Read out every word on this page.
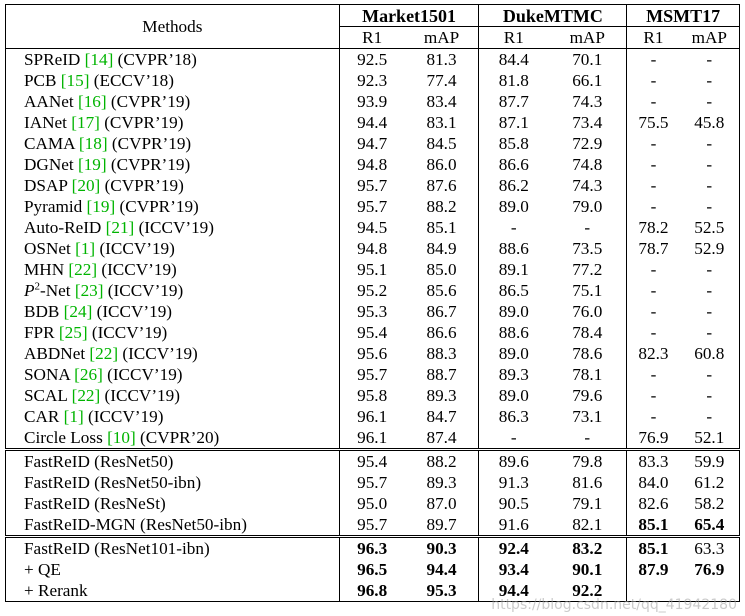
Methods	Market1501		DukeMTMC		MSMT17	
	R1	mAP	R1	mAP	R1	mAP
SPReID [14] (CVPR’18)	92.5	81.3	84.4	70.1	-	-
PCB [15] (ECCV’18)	92.3	77.4	81.8	66.1	-	-
AANet [16] (CVPR’19)	93.9	83.4	87.7	74.3	-	-
IANet [17] (CVPR’19)	94.4	83.1	87.1	73.4	75.5	45.8
CAMA [18] (CVPR’19)	94.7	84.5	85.8	72.9	-	-
DGNet [19] (CVPR’19)	94.8	86.0	86.6	74.8	-	-
DSAP [20] (CVPR’19)	95.7	87.6	86.2	74.3	-	-
Pyramid [19] (CVPR’19)	95.7	88.2	89.0	79.0	-	-
Auto-ReID [21] (ICCV’19)	94.5	85.1	-	-	78.2	52.5
OSNet [1] (ICCV’19)	94.8	84.9	88.6	73.5	78.7	52.9
MHN [22] (ICCV’19)	95.1	85.0	89.1	77.2	-	-
$P^2$-Net [23] (ICCV’19)	95.2	85.6	86.5	75.1	-	-
BDB [24] (ICCV’19)	95.3	86.7	89.0	76.0	-	-
FPR [25] (ICCV’19)	95.4	86.6	88.6	78.4	-	-
ABDNet [22] (ICCV’19)	95.6	88.3	89.0	78.6	82.3	60.8
SONA [26] (ICCV’19)	95.7	88.7	89.3	78.1	-	-
SCAL [22] (ICCV’19)	95.8	89.3	89.0	79.6	-	-
CAR [1] (ICCV’19)	96.1	84.7	86.3	73.1	-	-
Circle Loss [10] (CVPR’20)	96.1	87.4	-	-	76.9	52.1
FastReID (ResNet50)	95.4	88.2	89.6	79.8	83.3	59.9
FastReID (ResNet50-ibn)	95.7	89.3	91.3	81.6	84.0	61.2
FastReID (ResNeSt)	95.0	87.0	90.5	79.1	82.6	58.2
FastReID-MGN (ResNet50-ibn)	95.7	89.7	91.6	82.1	85.1	65.4
FastReID (ResNet101-ibn)	96.3	90.3	92.4	83.2	85.1	63.3
+ QE	96.5	94.4	93.4	90.1	87.9	76.9
+ Rerank	96.8	95.3	94.4	92.2		
https://blog.csdn.net/qq_41942180
